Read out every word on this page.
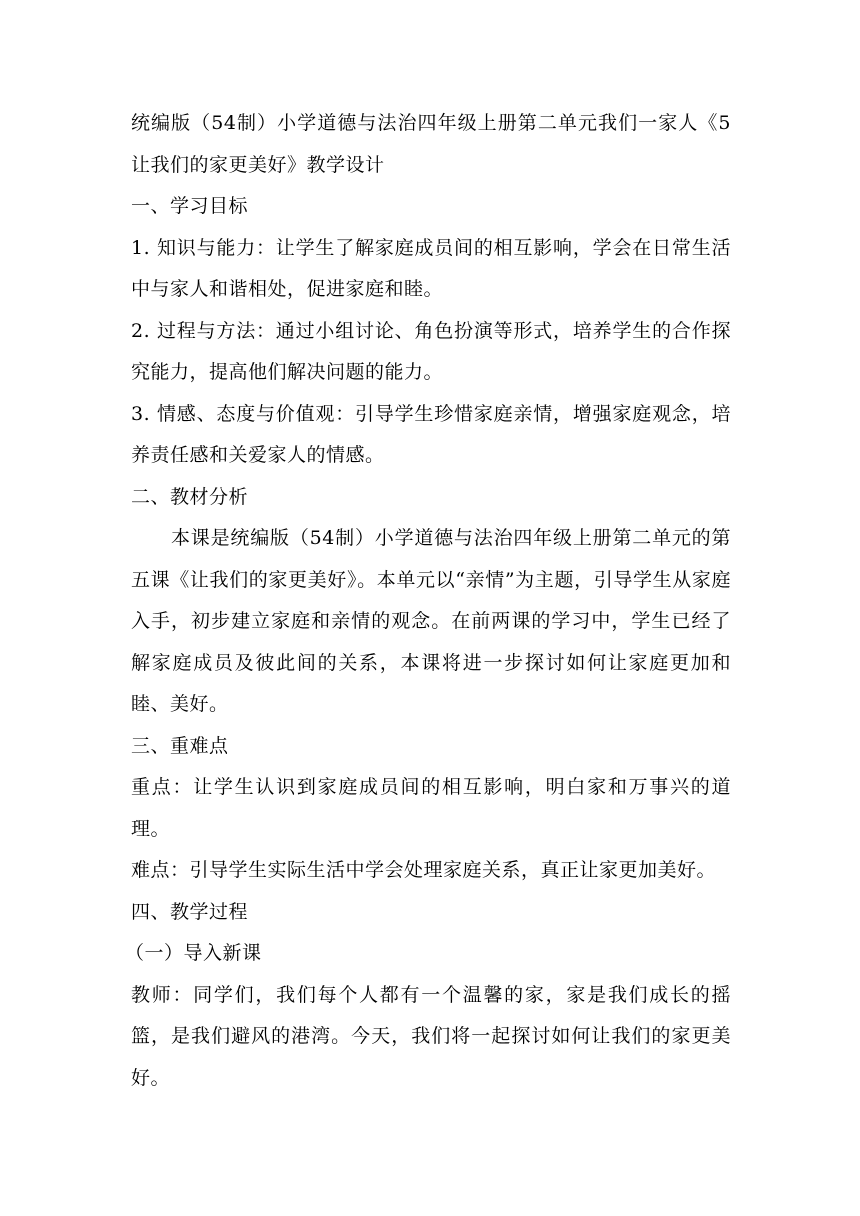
统编版（54制）小学道德与法治四年级上册第二单元我们一家人《5让我们的家更美好》教学设计

一、学习目标

1. 知识与能力：让学生了解家庭成员间的相互影响，学会在日常生活中与家人和谐相处，促进家庭和睦。

2. 过程与方法：通过小组讨论、角色扮演等形式，培养学生的合作探究能力，提高他们解决问题的能力。

3. 情感、态度与价值观：引导学生珍惜家庭亲情，增强家庭观念，培养责任感和关爱家人的情感。

二、教材分析

本课是统编版（54制）小学道德与法治四年级上册第二单元的第五课《让我们的家更美好》。本单元以“亲情”为主题，引导学生从家庭入手，初步建立家庭和亲情的观念。在前两课的学习中，学生已经了解家庭成员及彼此间的关系，本课将进一步探讨如何让家庭更加和睦、美好。

三、重难点

重点：让学生认识到家庭成员间的相互影响，明白家和万事兴的道理。

难点：引导学生实际生活中学会处理家庭关系，真正让家更加美好。

四、教学过程

（一）导入新课

教师：同学们，我们每个人都有一个温馨的家，家是我们成长的摇篮，是我们避风的港湾。今天，我们将一起探讨如何让我们的家更美好。
